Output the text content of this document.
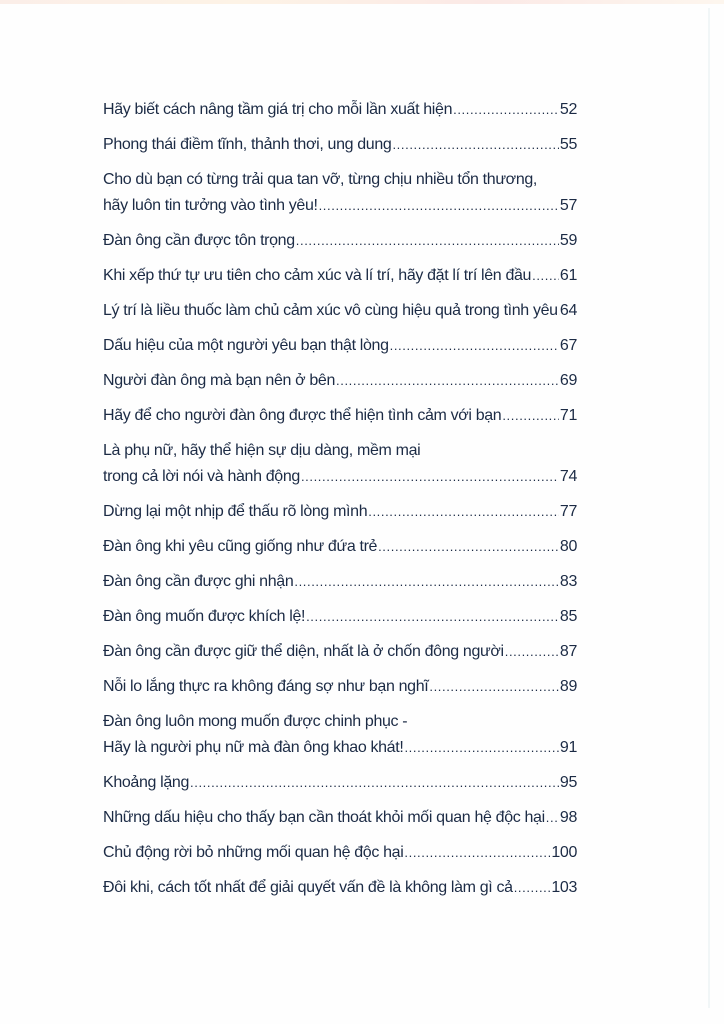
Hãy biết cách nâng tầm giá trị cho mỗi lần xuất hiện .....	52
Phong thái điềm tĩnh, thảnh thơi, ung dung .....	55
Cho dù bạn có từng trải qua tan vỡ, từng chịu nhiều tổn thương,
hãy luôn tin tưởng vào tình yêu! .....	57
Đàn ông cần được tôn trọng .....	59
Khi xếp thứ tự ưu tiên cho cảm xúc và lí trí, hãy đặt lí trí lên đầu ..... 61
Lý trí là liều thuốc làm chủ cảm xúc vô cùng hiệu quả trong tình yêu ..... 64
Dấu hiệu của một người yêu bạn thật lòng .....	67
Người đàn ông mà bạn nên ở bên .....	69
Hãy để cho người đàn ông được thể hiện tình cảm với bạn .....	71
Là phụ nữ, hãy thể hiện sự dịu dàng, mềm mại
trong cả lời nói và hành động .....	74
Dừng lại một nhịp để thấu rõ lòng mình .....	77
Đàn ông khi yêu cũng giống như đứa trẻ .....	80
Đàn ông cần được ghi nhận .....	83
Đàn ông muốn được khích lệ! .....	85
Đàn ông cần được giữ thể diện, nhất là ở chốn đông người .....	87
Nỗi lo lắng thực ra không đáng sợ như bạn nghĩ .....	89
Đàn ông luôn mong muốn được chinh phục -
Hãy là người phụ nữ mà đàn ông khao khát! .....	91
Khoảng lặng .....	95
Những dấu hiệu cho thấy bạn cần thoát khỏi mối quan hệ độc hại ..... 98
Chủ động rời bỏ những mối quan hệ độc hại .....	100
Đôi khi, cách tốt nhất để giải quyết vấn đề là không làm gì cả ..... 103
